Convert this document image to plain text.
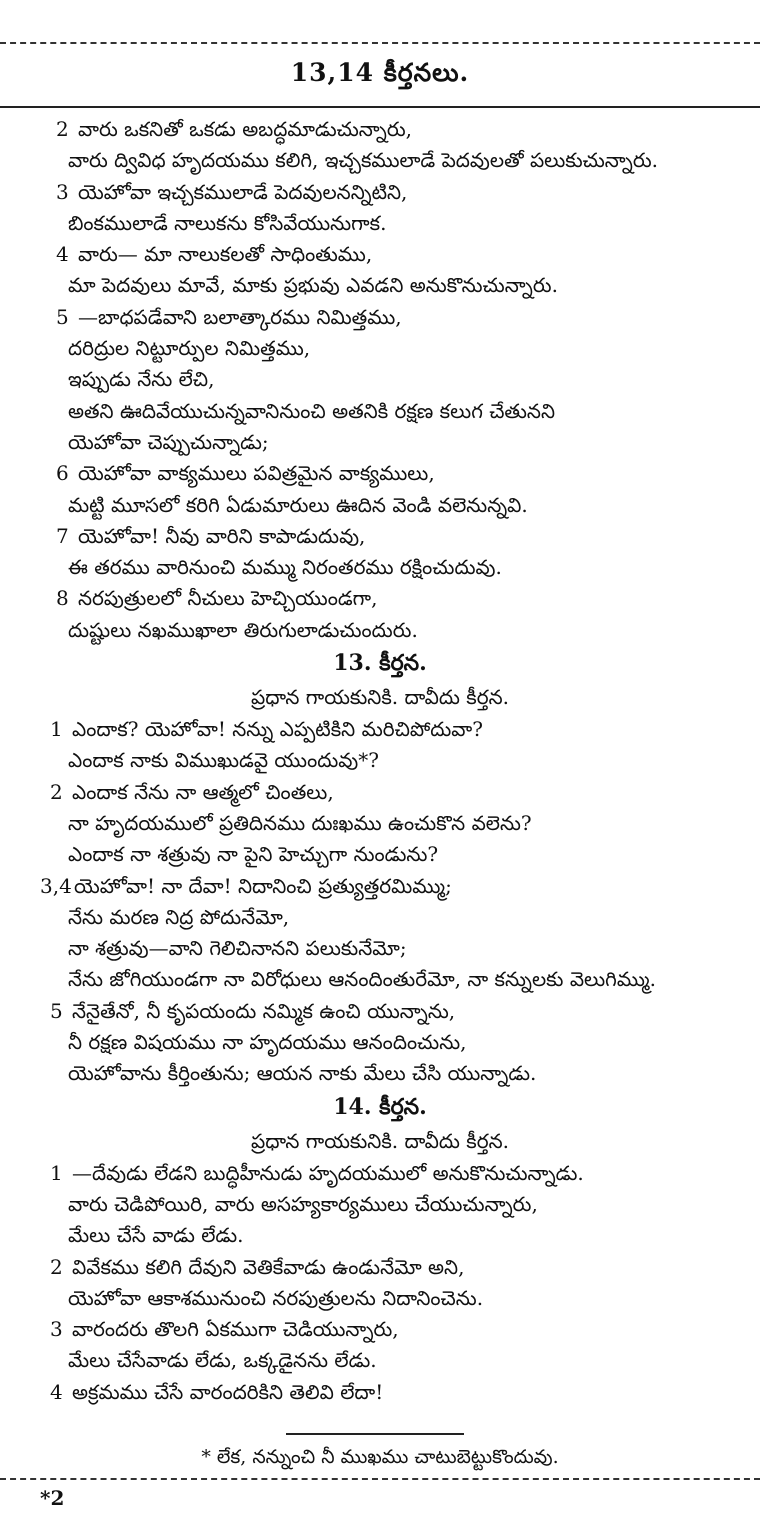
13,14 కీర్తనలు.
2 వారు ఒకనితో ఒకడు అబద్ధమాడుచున్నారు,
వారు ద్వివిధ హృదయము కలిగి, ఇచ్చకములాడే పెదవులతో పలుకుచున్నారు.
3 యెహోవా ఇచ్చకములాడే పెదవులనన్నిటిని,
బింకములాడే నాలుకను కోసివేయునుగాక.
4 వారు— మా నాలుకలతో సాధింతుము,
మా పెదవులు మావే, మాకు ప్రభువు ఎవడని అనుకొనుచున్నారు.
5 —బాధపడేవాని బలాత్కారము నిమిత్తము,
దరిద్రుల నిట్టూర్పుల నిమిత్తము,
ఇప్పుడు నేను లేచి,
అతని ఊదివేయుచున్నవానినుంచి అతనికి రక్షణ కలుగ చేతునని
యెహోవా చెప్పుచున్నాడు;
6 యెహోవా వాక్యములు పవిత్రమైన వాక్యములు,
మట్టి మూసలో కరిగి ఏడుమారులు ఊదిన వెండి వలెనున్నవి.
7 యెహోవా! నీవు వారిని కాపాడుదువు,
ఈ తరము వారినుంచి మమ్ము నిరంతరము రక్షించుదువు.
8 నరపుత్రులలో నీచులు హెచ్చియుండగా,
దుష్టులు నఖముఖాలా తిరుగులాడుచుందురు.
13. కీర్తన.
ప్రధాన గాయకునికి. దావీదు కీర్తన.
1 ఎందాక? యెహోవా! నన్ను ఎప్పటికిని మరిచిపోదువా?
ఎందాక నాకు విముఖుడవై యుందువు*?
2 ఎందాక నేను నా ఆత్మలో చింతలు,
నా హృదయములో ప్రతిదినము దుఃఖము ఉంచుకొన వలెను?
ఎందాక నా శత్రువు నా పైని హెచ్చుగా నుండును?
3,4 యెహోవా! నా దేవా! నిదానించి ప్రత్యుత్తరమిమ్ము;
నేను మరణ నిద్ర పోదునేమో,
నా శత్రువు—వాని గెలిచినానని పలుకునేమో;
నేను జోగియుండగా నా విరోధులు ఆనందింతురేమో, నా కన్నులకు వెలుగిమ్ము.
5 నేనైతేనో, నీ కృపయందు నమ్మిక ఉంచి యున్నాను,
నీ రక్షణ విషయము నా హృదయము ఆనందించును,
యెహోవాను కీర్తింతును; ఆయన నాకు మేలు చేసి యున్నాడు.
14. కీర్తన.
ప్రధాన గాయకునికి. దావీదు కీర్తన.
1 —దేవుడు లేడని బుద్ధిహీనుడు హృదయములో అనుకొనుచున్నాడు.
వారు చెడిపోయిరి, వారు అసహ్యకార్యములు చేయుచున్నారు,
మేలు చేసే వాడు లేడు.
2 వివేకము కలిగి దేవుని వెతికేవాడు ఉండునేమో అని,
యెహోవా ఆకాశమునుంచి నరపుత్రులను నిదానించెను.
3 వారందరు తొలగి ఏకముగా చెడియున్నారు,
మేలు చేసేవాడు లేడు, ఒక్కడైనను లేడు.
4 అక్రమము చేసే వారందరికిని తెలివి లేదా!
* లేక, నన్నుంచి నీ ముఖము చాటుబెట్టుకొందువు.
*2
